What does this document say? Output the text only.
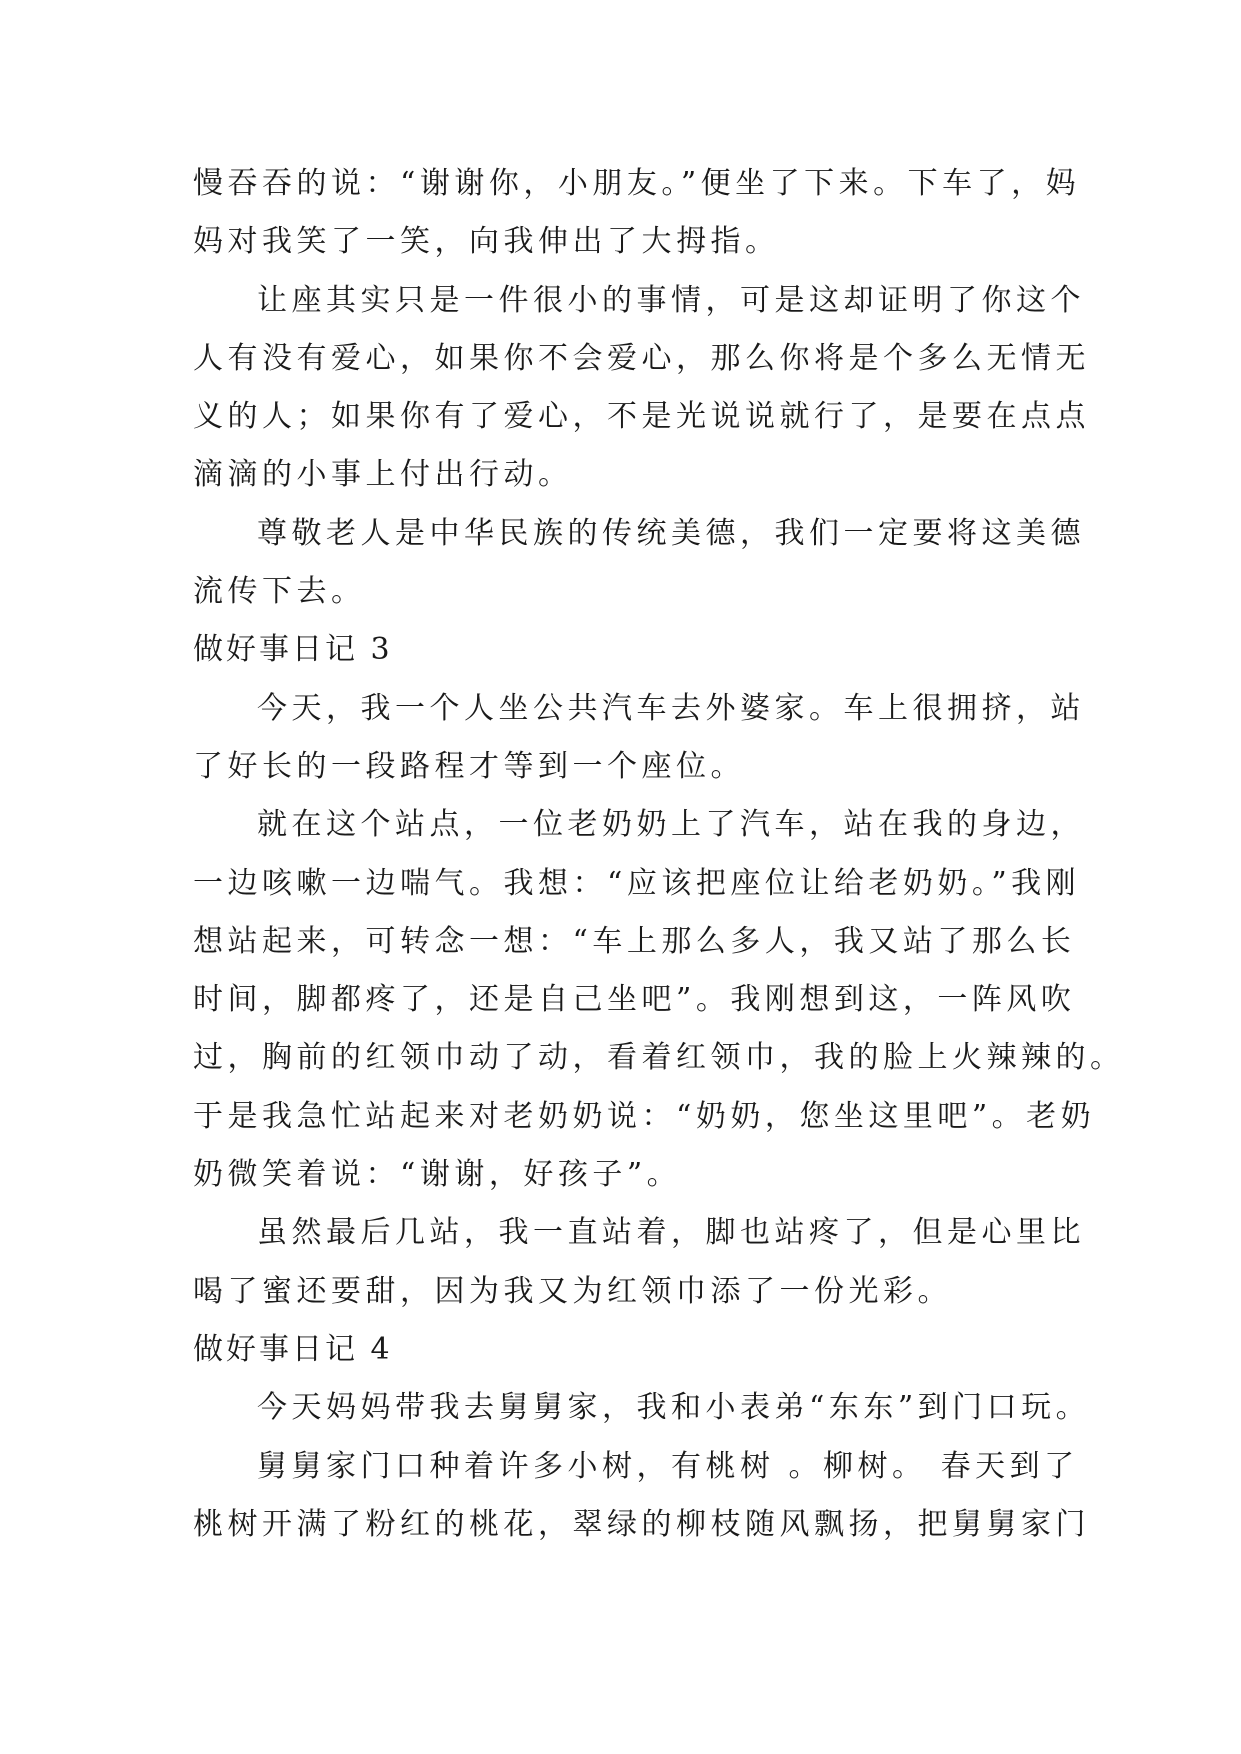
慢吞吞的说：“谢谢你，小朋友。”便坐了下来。下车了，妈
妈对我笑了一笑，向我伸出了大拇指。
让座其实只是一件很小的事情，可是这却证明了你这个
人有没有爱心，如果你不会爱心，那么你将是个多么无情无
义的人；如果你有了爱心，不是光说说就行了，是要在点点
滴滴的小事上付出行动。
尊敬老人是中华民族的传统美德，我们一定要将这美德
流传下去。
做好事日记 3
今天，我一个人坐公共汽车去外婆家。车上很拥挤，站
了好长的一段路程才等到一个座位。
就在这个站点，一位老奶奶上了汽车，站在我的身边，
一边咳嗽一边喘气。我想：“应该把座位让给老奶奶。”我刚
想站起来，可转念一想：“车上那么多人，我又站了那么长
时间，脚都疼了，还是自己坐吧”。我刚想到这，一阵风吹
过，胸前的红领巾动了动，看着红领巾，我的脸上火辣辣的。
于是我急忙站起来对老奶奶说：“奶奶，您坐这里吧”。老奶
奶微笑着说：“谢谢，好孩子”。
虽然最后几站，我一直站着，脚也站疼了，但是心里比
喝了蜜还要甜，因为我又为红领巾添了一份光彩。
做好事日记 4
今天妈妈带我去舅舅家，我和小表弟“东东”到门口玩。
舅舅家门口种着许多小树，有桃树 。柳树。 春天到了
桃树开满了粉红的桃花，翠绿的柳枝随风飘扬，把舅舅家门
